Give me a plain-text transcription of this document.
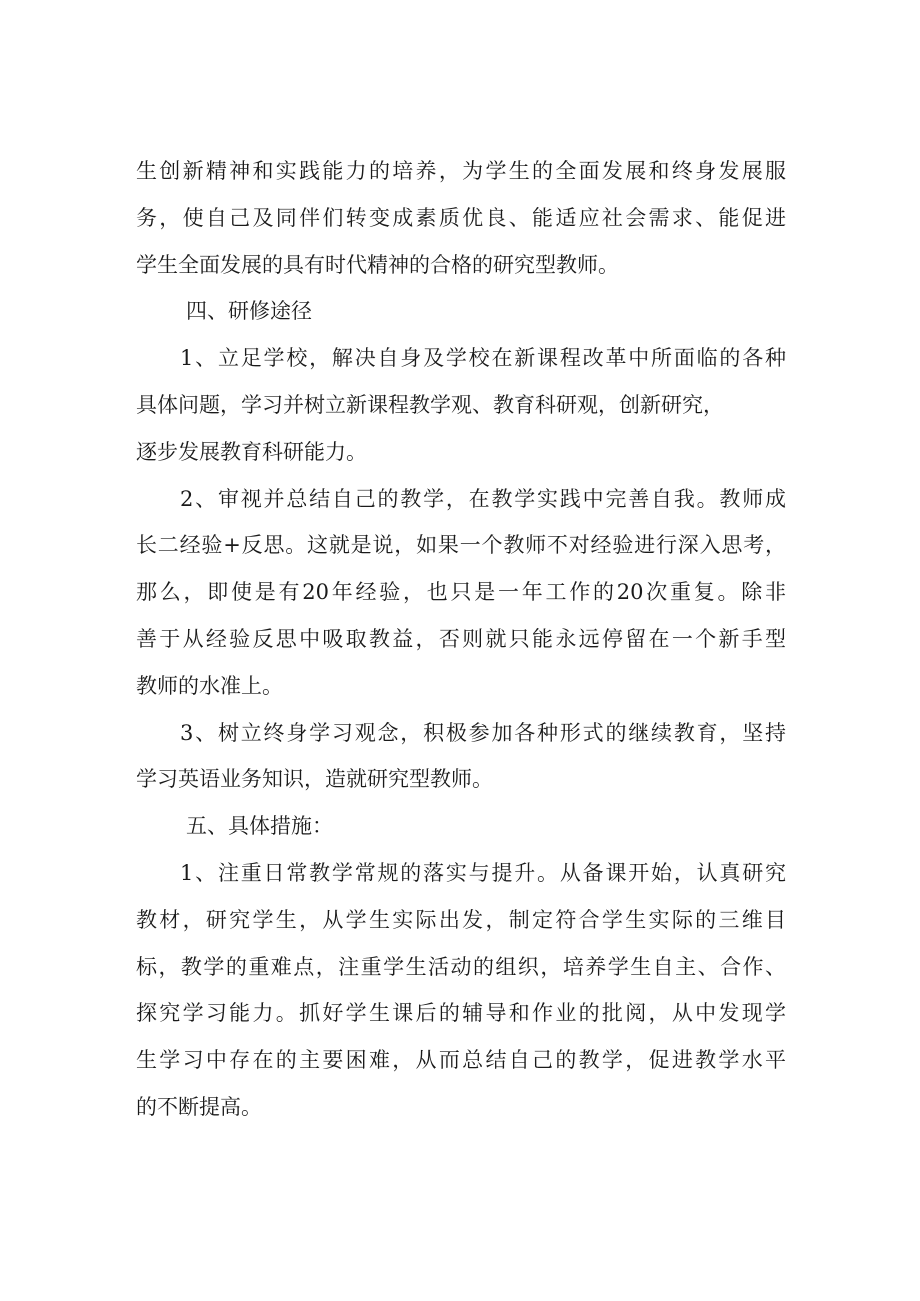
生创新精神和实践能力的培养，为学生的全面发展和终身发展服
务，使自己及同伴们转变成素质优良、能适应社会需求、能促进
学生全面发展的具有时代精神的合格的研究型教师。
四、研修途径
1、立足学校，解决自身及学校在新课程改革中所面临的各种
具体问题，学习并树立新课程教学观、教育科研观，创新研究，
逐步发展教育科研能力。
2、审视并总结自己的教学，在教学实践中完善自我。教师成
长二经验+反思。这就是说，如果一个教师不对经验进行深入思考，
那么，即使是有20年经验，也只是一年工作的20次重复。除非
善于从经验反思中吸取教益，否则就只能永远停留在一个新手型
教师的水准上。
3、树立终身学习观念，积极参加各种形式的继续教育，坚持
学习英语业务知识，造就研究型教师。
五、具体措施：
1、注重日常教学常规的落实与提升。从备课开始，认真研究
教材，研究学生，从学生实际出发，制定符合学生实际的三维目
标，教学的重难点，注重学生活动的组织，培养学生自主、合作、
探究学习能力。抓好学生课后的辅导和作业的批阅，从中发现学
生学习中存在的主要困难，从而总结自己的教学，促进教学水平
的不断提高。
